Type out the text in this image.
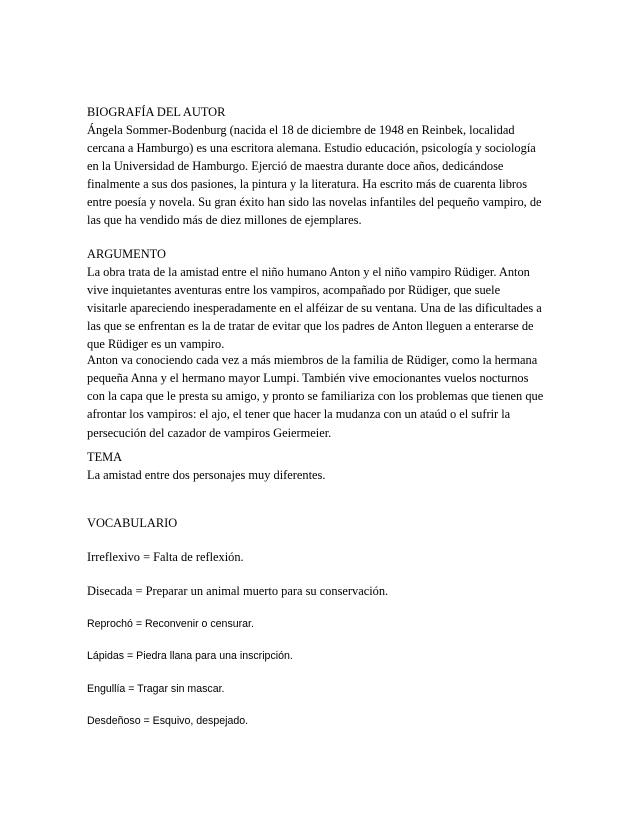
BIOGRAFÍA DEL AUTOR
Ángela Sommer-Bodenburg (nacida el 18 de diciembre de 1948 en Reinbek, localidad
cercana a Hamburgo) es una escritora alemana. Estudio educación, psicología y sociología
en la Universidad de Hamburgo. Ejerció de maestra durante doce años, dedicándose
finalmente a sus dos pasiones, la pintura y la literatura. Ha escrito más de cuarenta libros
entre poesía y novela. Su gran éxito han sido las novelas infantiles del pequeño vampiro, de
las que ha vendido más de diez millones de ejemplares.
ARGUMENTO
La obra trata de la amistad entre el niño humano Anton y el niño vampiro Rüdiger. Anton
vive inquietantes aventuras entre los vampiros, acompañado por Rüdiger, que suele
visitarle apareciendo inesperadamente en el alféizar de su ventana. Una de las dificultades a
las que se enfrentan es la de tratar de evitar que los padres de Anton lleguen a enterarse de
que Rüdiger es un vampiro.
Anton va conociendo cada vez a más miembros de la familia de Rüdiger, como la hermana
pequeña Anna y el hermano mayor Lumpi. También vive emocionantes vuelos nocturnos
con la capa que le presta su amigo, y pronto se familiariza con los problemas que tienen que
afrontar los vampiros: el ajo, el tener que hacer la mudanza con un ataúd o el sufrir la
persecución del cazador de vampiros Geiermeier.
TEMA
La amistad entre dos personajes muy diferentes.
VOCABULARIO
Irreflexivo = Falta de reflexión.
Disecada = Preparar un animal muerto para su conservación.
Reprochó = Reconvenir o censurar.
Lápidas = Piedra llana para una inscripción.
Engullía = Tragar sin mascar.
Desdeñoso = Esquivo, despejado.
